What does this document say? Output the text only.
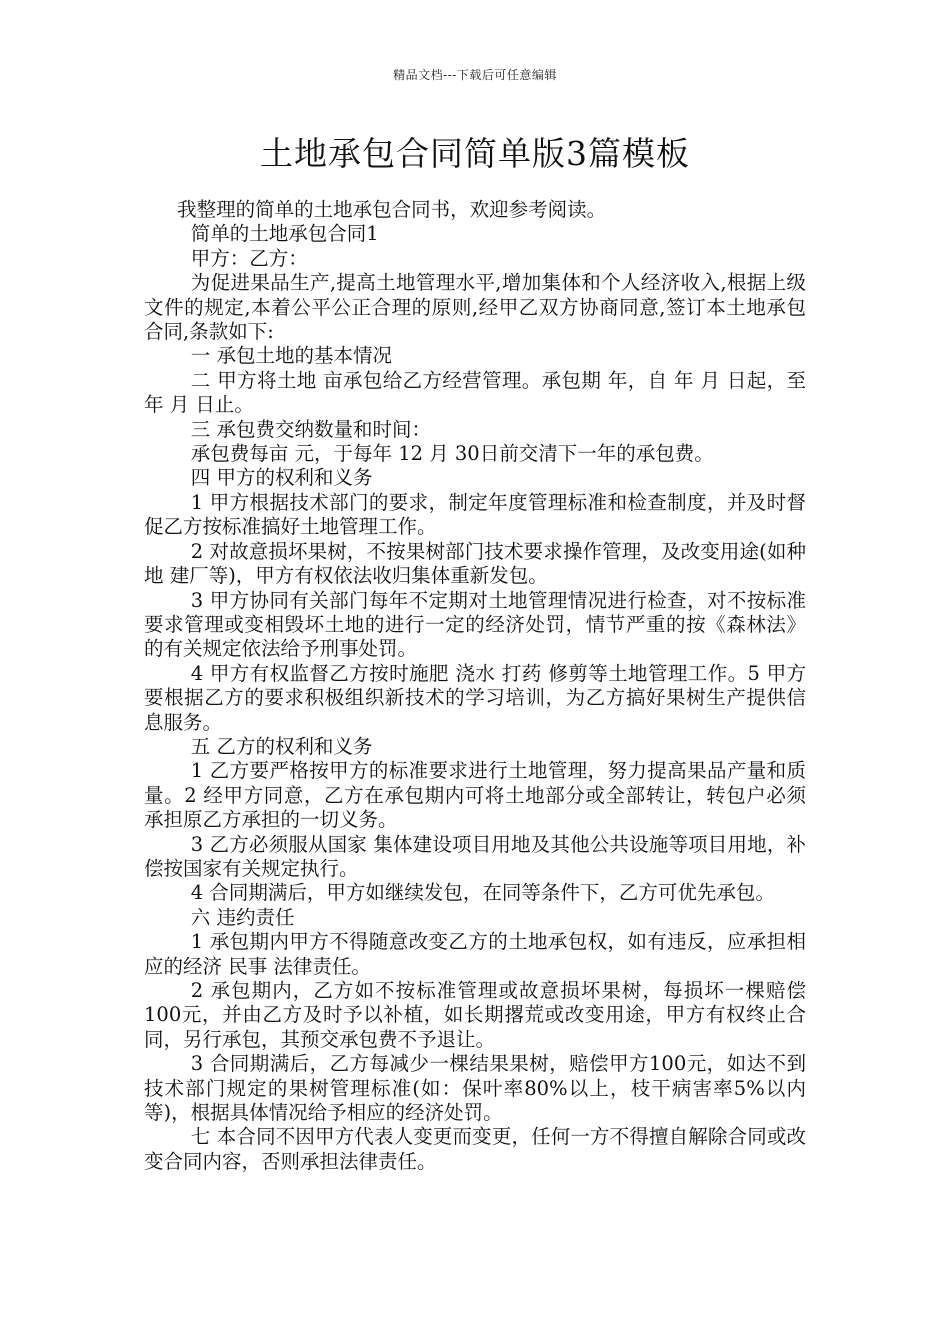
精品文档---下载后可任意编辑
土地承包合同简单版3篇模板

我整理的简单的土地承包合同书，欢迎参考阅读。

简单的土地承包合同1

甲方：乙方：

为促进果品生产,提高土地管理水平,增加集体和个人经济收入,根据上级文件的规定,本着公平公正合理的原则,经甲乙双方协商同意,签订本土地承包合同,条款如下:

一 承包土地的基本情况

二 甲方将土地 亩承包给乙方经营管理。承包期 年，自 年 月 日起，至 年 月 日止。

三 承包费交纳数量和时间：

承包费每亩 元，于每年 12 月 30日前交清下一年的承包费。

四 甲方的权利和义务

1 甲方根据技术部门的要求，制定年度管理标准和检查制度，并及时督促乙方按标准搞好土地管理工作。

2 对故意损坏果树，不按果树部门技术要求操作管理，及改变用途(如种地 建厂等)，甲方有权依法收归集体重新发包。

3 甲方协同有关部门每年不定期对土地管理情况进行检查，对不按标准要求管理或变相毁坏土地的进行一定的经济处罚，情节严重的按《森林法》的有关规定依法给予刑事处罚。

4 甲方有权监督乙方按时施肥 浇水 打药 修剪等土地管理工作。5 甲方要根据乙方的要求积极组织新技术的学习培训，为乙方搞好果树生产提供信息服务。

五 乙方的权利和义务

1 乙方要严格按甲方的标准要求进行土地管理，努力提高果品产量和质量。2 经甲方同意，乙方在承包期内可将土地部分或全部转让，转包户必须承担原乙方承担的一切义务。

3 乙方必须服从国家 集体建设项目用地及其他公共设施等项目用地，补偿按国家有关规定执行。

4 合同期满后，甲方如继续发包，在同等条件下，乙方可优先承包。

六 违约责任

1 承包期内甲方不得随意改变乙方的土地承包权，如有违反，应承担相应的经济 民事 法律责任。

2 承包期内，乙方如不按标准管理或故意损坏果树，每损坏一棵赔偿100元，并由乙方及时予以补植，如长期撂荒或改变用途，甲方有权终止合同，另行承包，其预交承包费不予退让。

3 合同期满后，乙方每减少一棵结果果树，赔偿甲方100元，如达不到技术部门规定的果树管理标准(如：保叶率80%以上，枝干病害率5%以内等)，根据具体情况给予相应的经济处罚。

七 本合同不因甲方代表人变更而变更，任何一方不得擅自解除合同或改变合同内容，否则承担法律责任。
